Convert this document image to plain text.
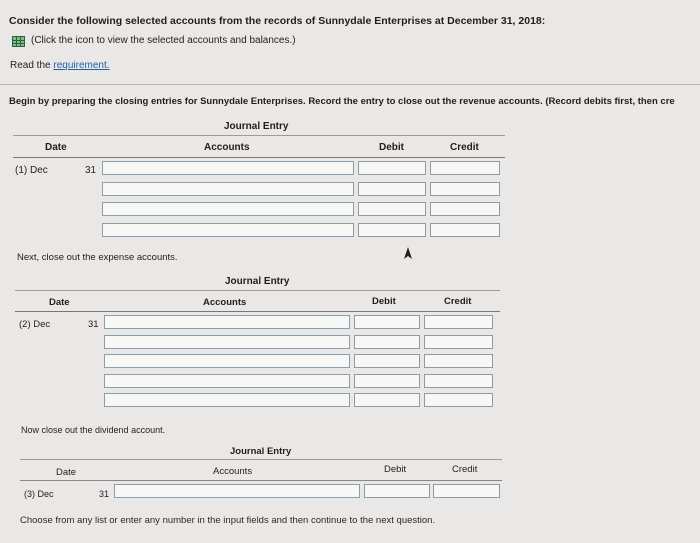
Consider the following selected accounts from the records of Sunnydale Enterprises at December 31, 2018:
(Click the icon to view the selected accounts and balances.)
Read the requirement.
Begin by preparing the closing entries for Sunnydale Enterprises. Record the entry to close out the revenue accounts. (Record debits first, then cre
Journal Entry
Date	Accounts	Debit	Credit
(1) Dec	31
Next, close out the expense accounts.
Journal Entry
Date	Accounts	Debit	Credit
(2) Dec	31
Now close out the dividend account.
Journal Entry
Date	Accounts	Debit	Credit
(3) Dec	31
Choose from any list or enter any number in the input fields and then continue to the next question.
